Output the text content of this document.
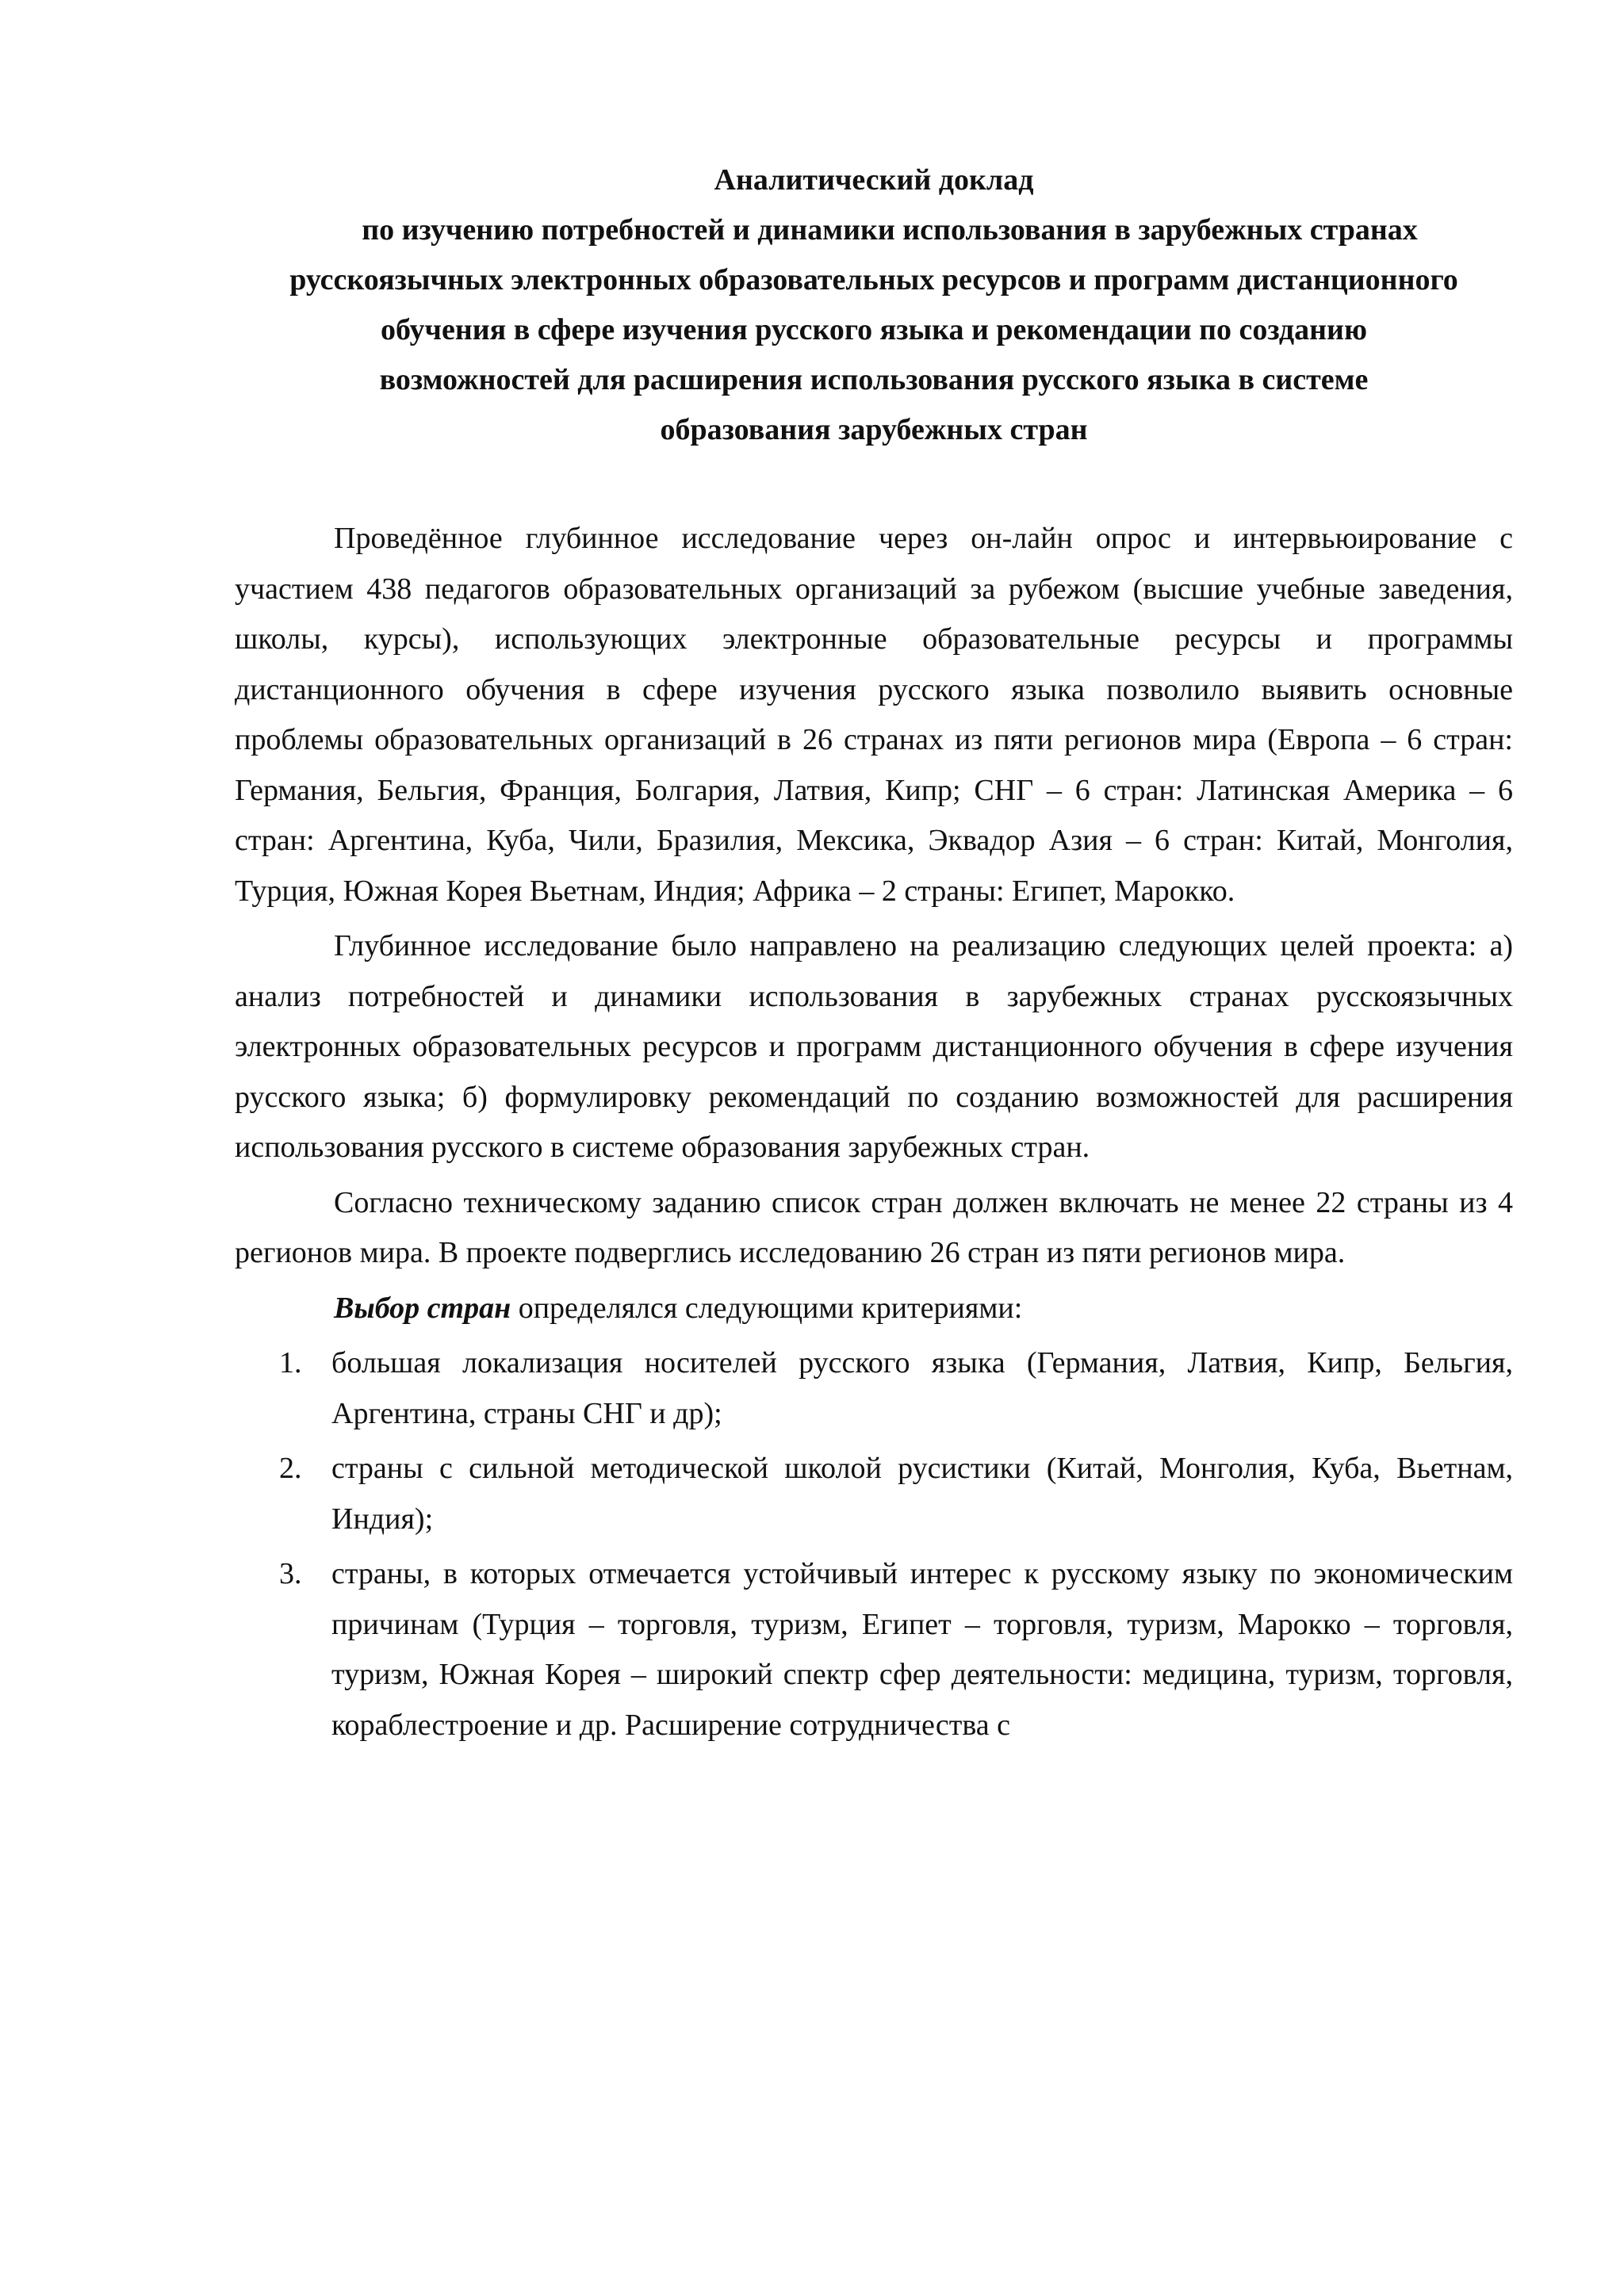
Аналитический доклад
по изучению потребностей и динамики использования в зарубежных странах
русскоязычных электронных образовательных ресурсов и программ дистанционного
обучения в сфере изучения русского языка и рекомендации по созданию
возможностей для расширения использования русского языка в системе
образования зарубежных стран

Проведённое глубинное исследование через он-лайн опрос и интервьюирование с участием 438 педагогов образовательных организаций за рубежом (высшие учебные заведения, школы, курсы), использующих электронные образовательные ресурсы и программы дистанционного обучения в сфере изучения русского языка позволило выявить основные проблемы образовательных организаций в 26 странах из пяти регионов мира (Европа – 6 стран: Германия, Бельгия, Франция, Болгария, Латвия, Кипр; СНГ – 6 стран: Латинская Америка – 6 стран: Аргентина, Куба, Чили, Бразилия, Мексика, Эквадор Азия – 6 стран: Китай, Монголия, Турция, Южная Корея Вьетнам, Индия; Африка – 2 страны: Египет, Марокко.

Глубинное исследование было направлено на реализацию следующих целей проекта: а) анализ потребностей и динамики использования в зарубежных странах русскоязычных электронных образовательных ресурсов и программ дистанционного обучения в сфере изучения русского языка; б) формулировку рекомендаций по созданию возможностей для расширения использования русского в системе образования зарубежных стран.

Согласно техническому заданию список стран должен включать не менее 22 страны из 4 регионов мира. В проекте подверглись исследованию 26 стран из пяти регионов мира.

Выбор стран определялся следующими критериями:

1. большая локализация носителей русского языка (Германия, Латвия, Кипр, Бельгия, Аргентина, страны СНГ и др);
2. страны с сильной методической школой русистики (Китай, Монголия, Куба, Вьетнам, Индия);
3. страны, в которых отмечается устойчивый интерес к русскому языку по экономическим причинам (Турция – торговля, туризм, Египет – торговля, туризм, Марокко – торговля, туризм, Южная Корея – широкий спектр сфер деятельности: медицина, туризм, торговля, кораблестроение и др. Расширение сотрудничества с
